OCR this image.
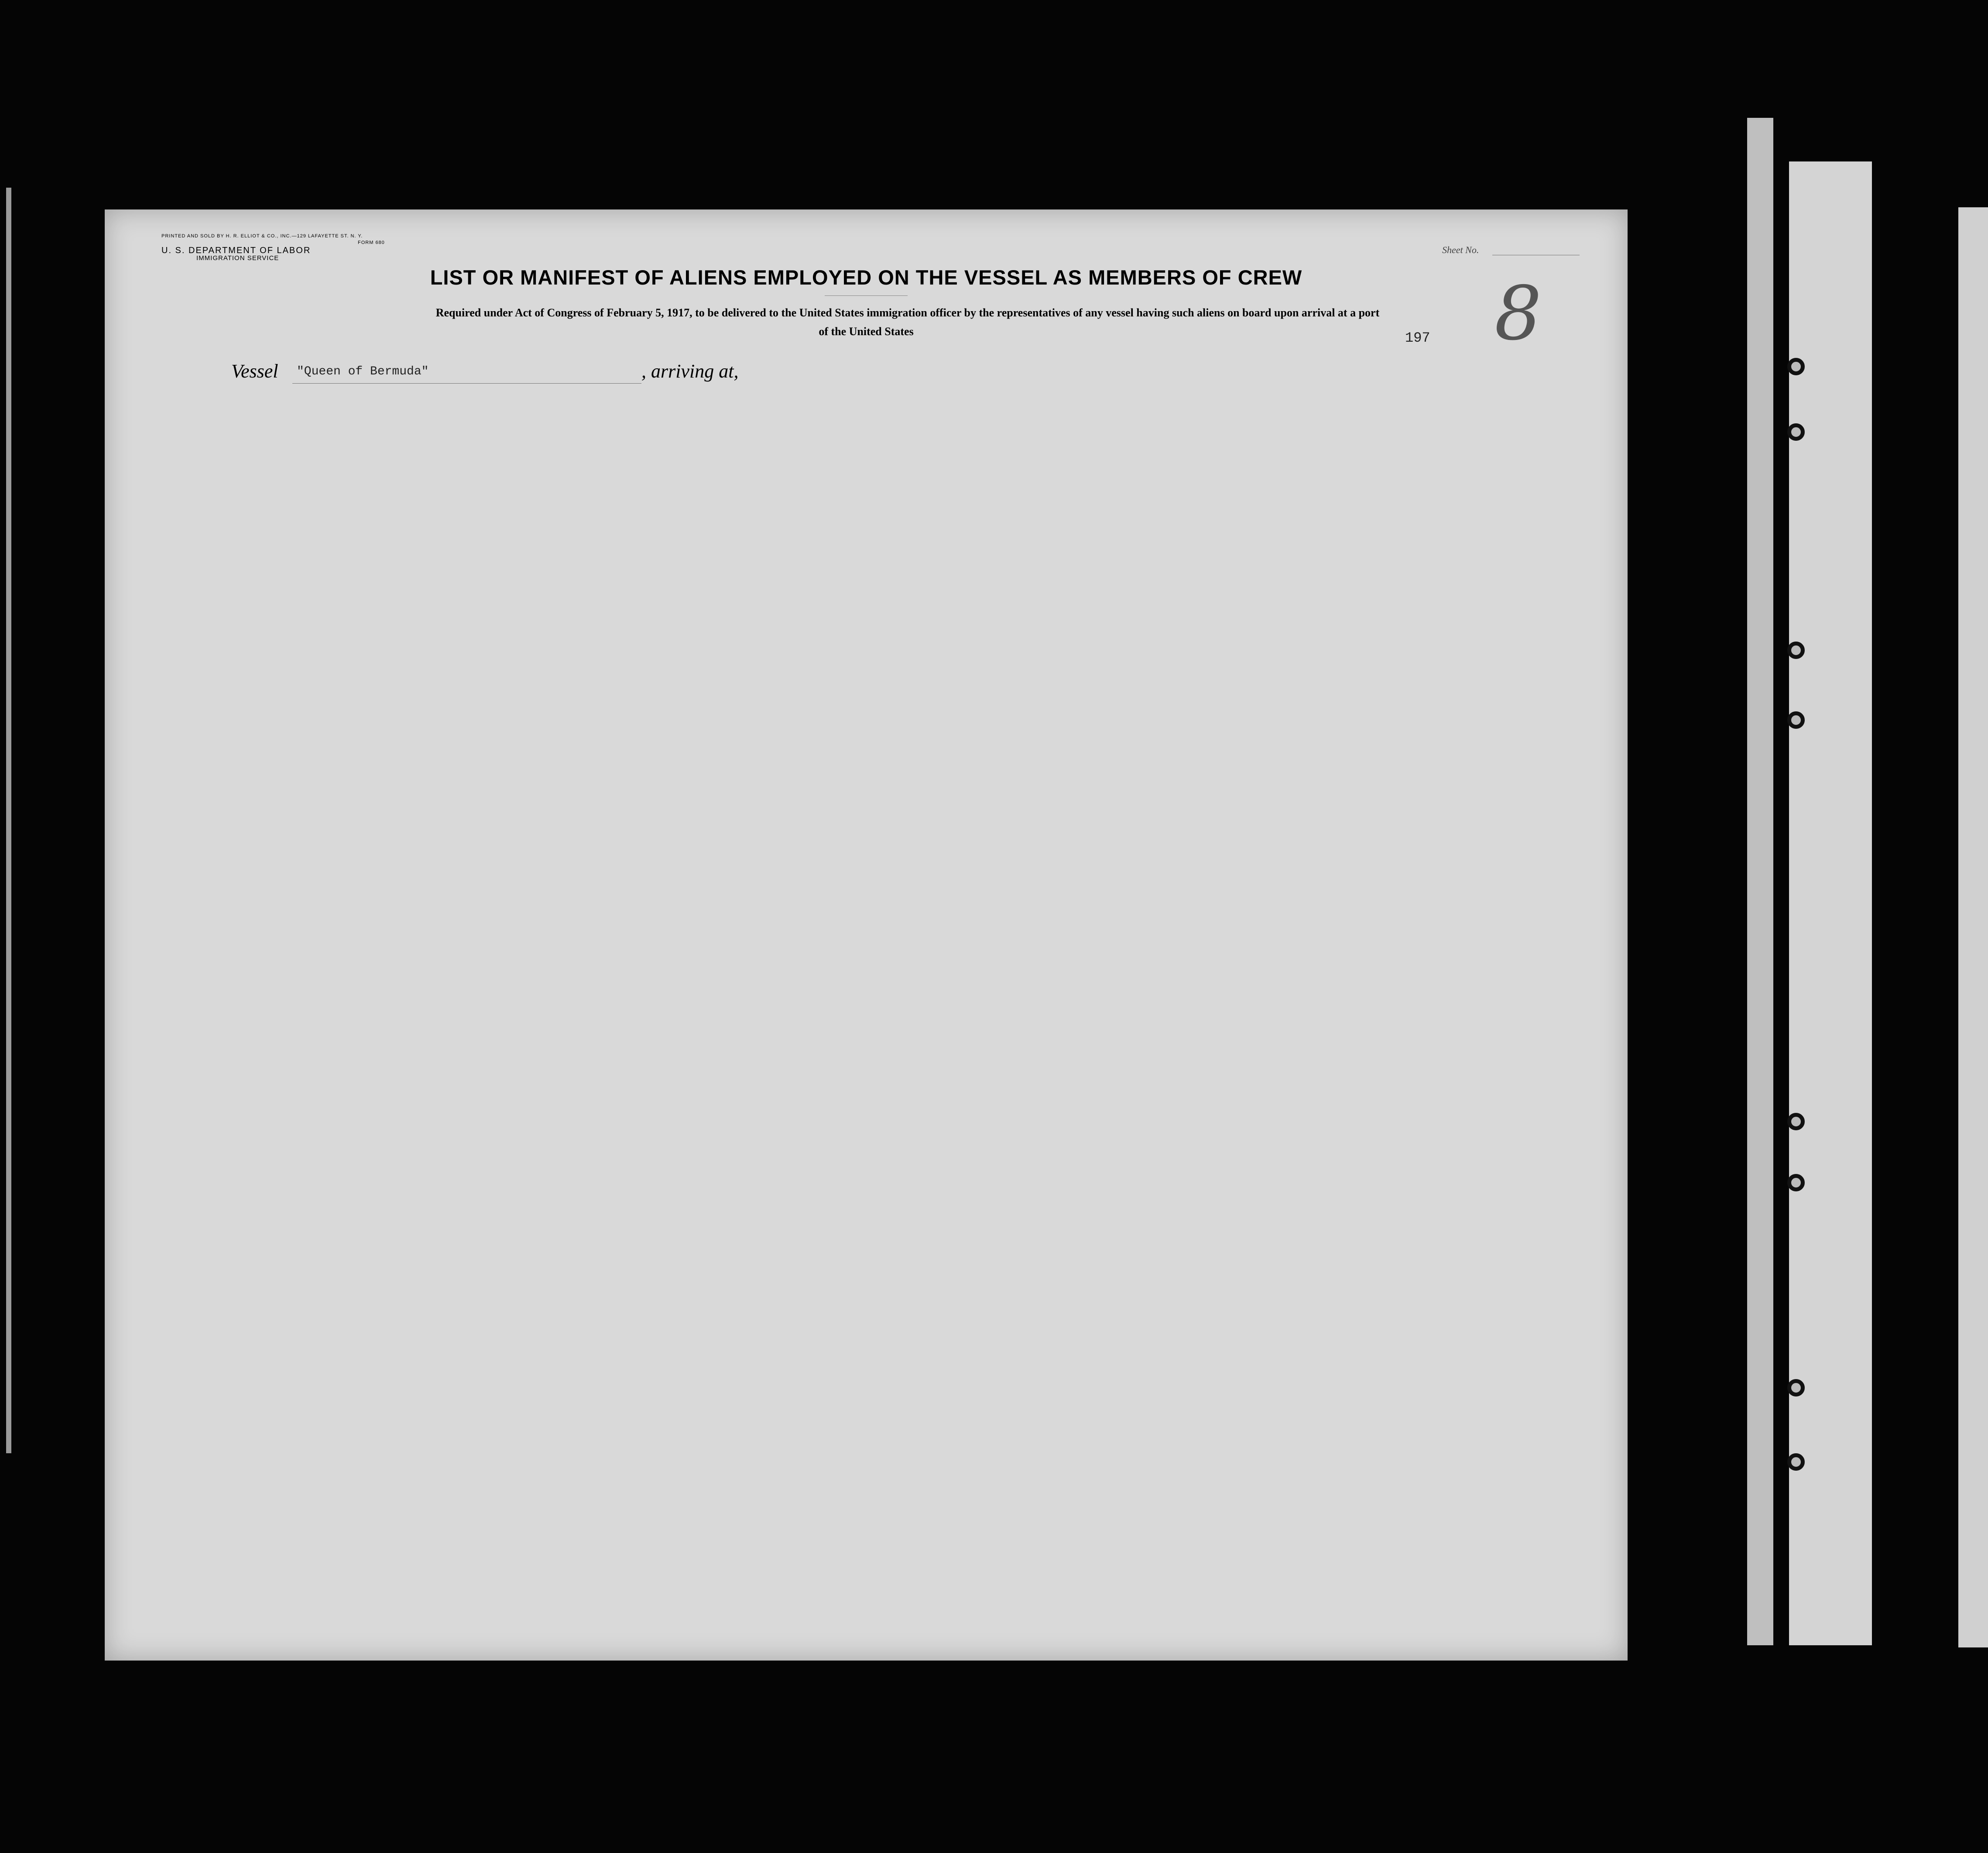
PRINTED AND SOLD BY H. R. ELLIOT & CO., INC.—129 LAFAYETTE ST. N. Y.
FORM 680
U. S. DEPARTMENT OF LABOR
IMMIGRATION SERVICE
Sheet No.
LIST OR MANIFEST OF ALIENS EMPLOYED ON THE VESSEL AS MEMBERS OF CREW
Required under Act of Congress of February 5, 1917, to be delivered to the United States immigration officer by the representatives of any vessel having such aliens on board upon arrival at a port
of the United States	197 8
Vessel "Queen of Bermuda"	, arriving at,
